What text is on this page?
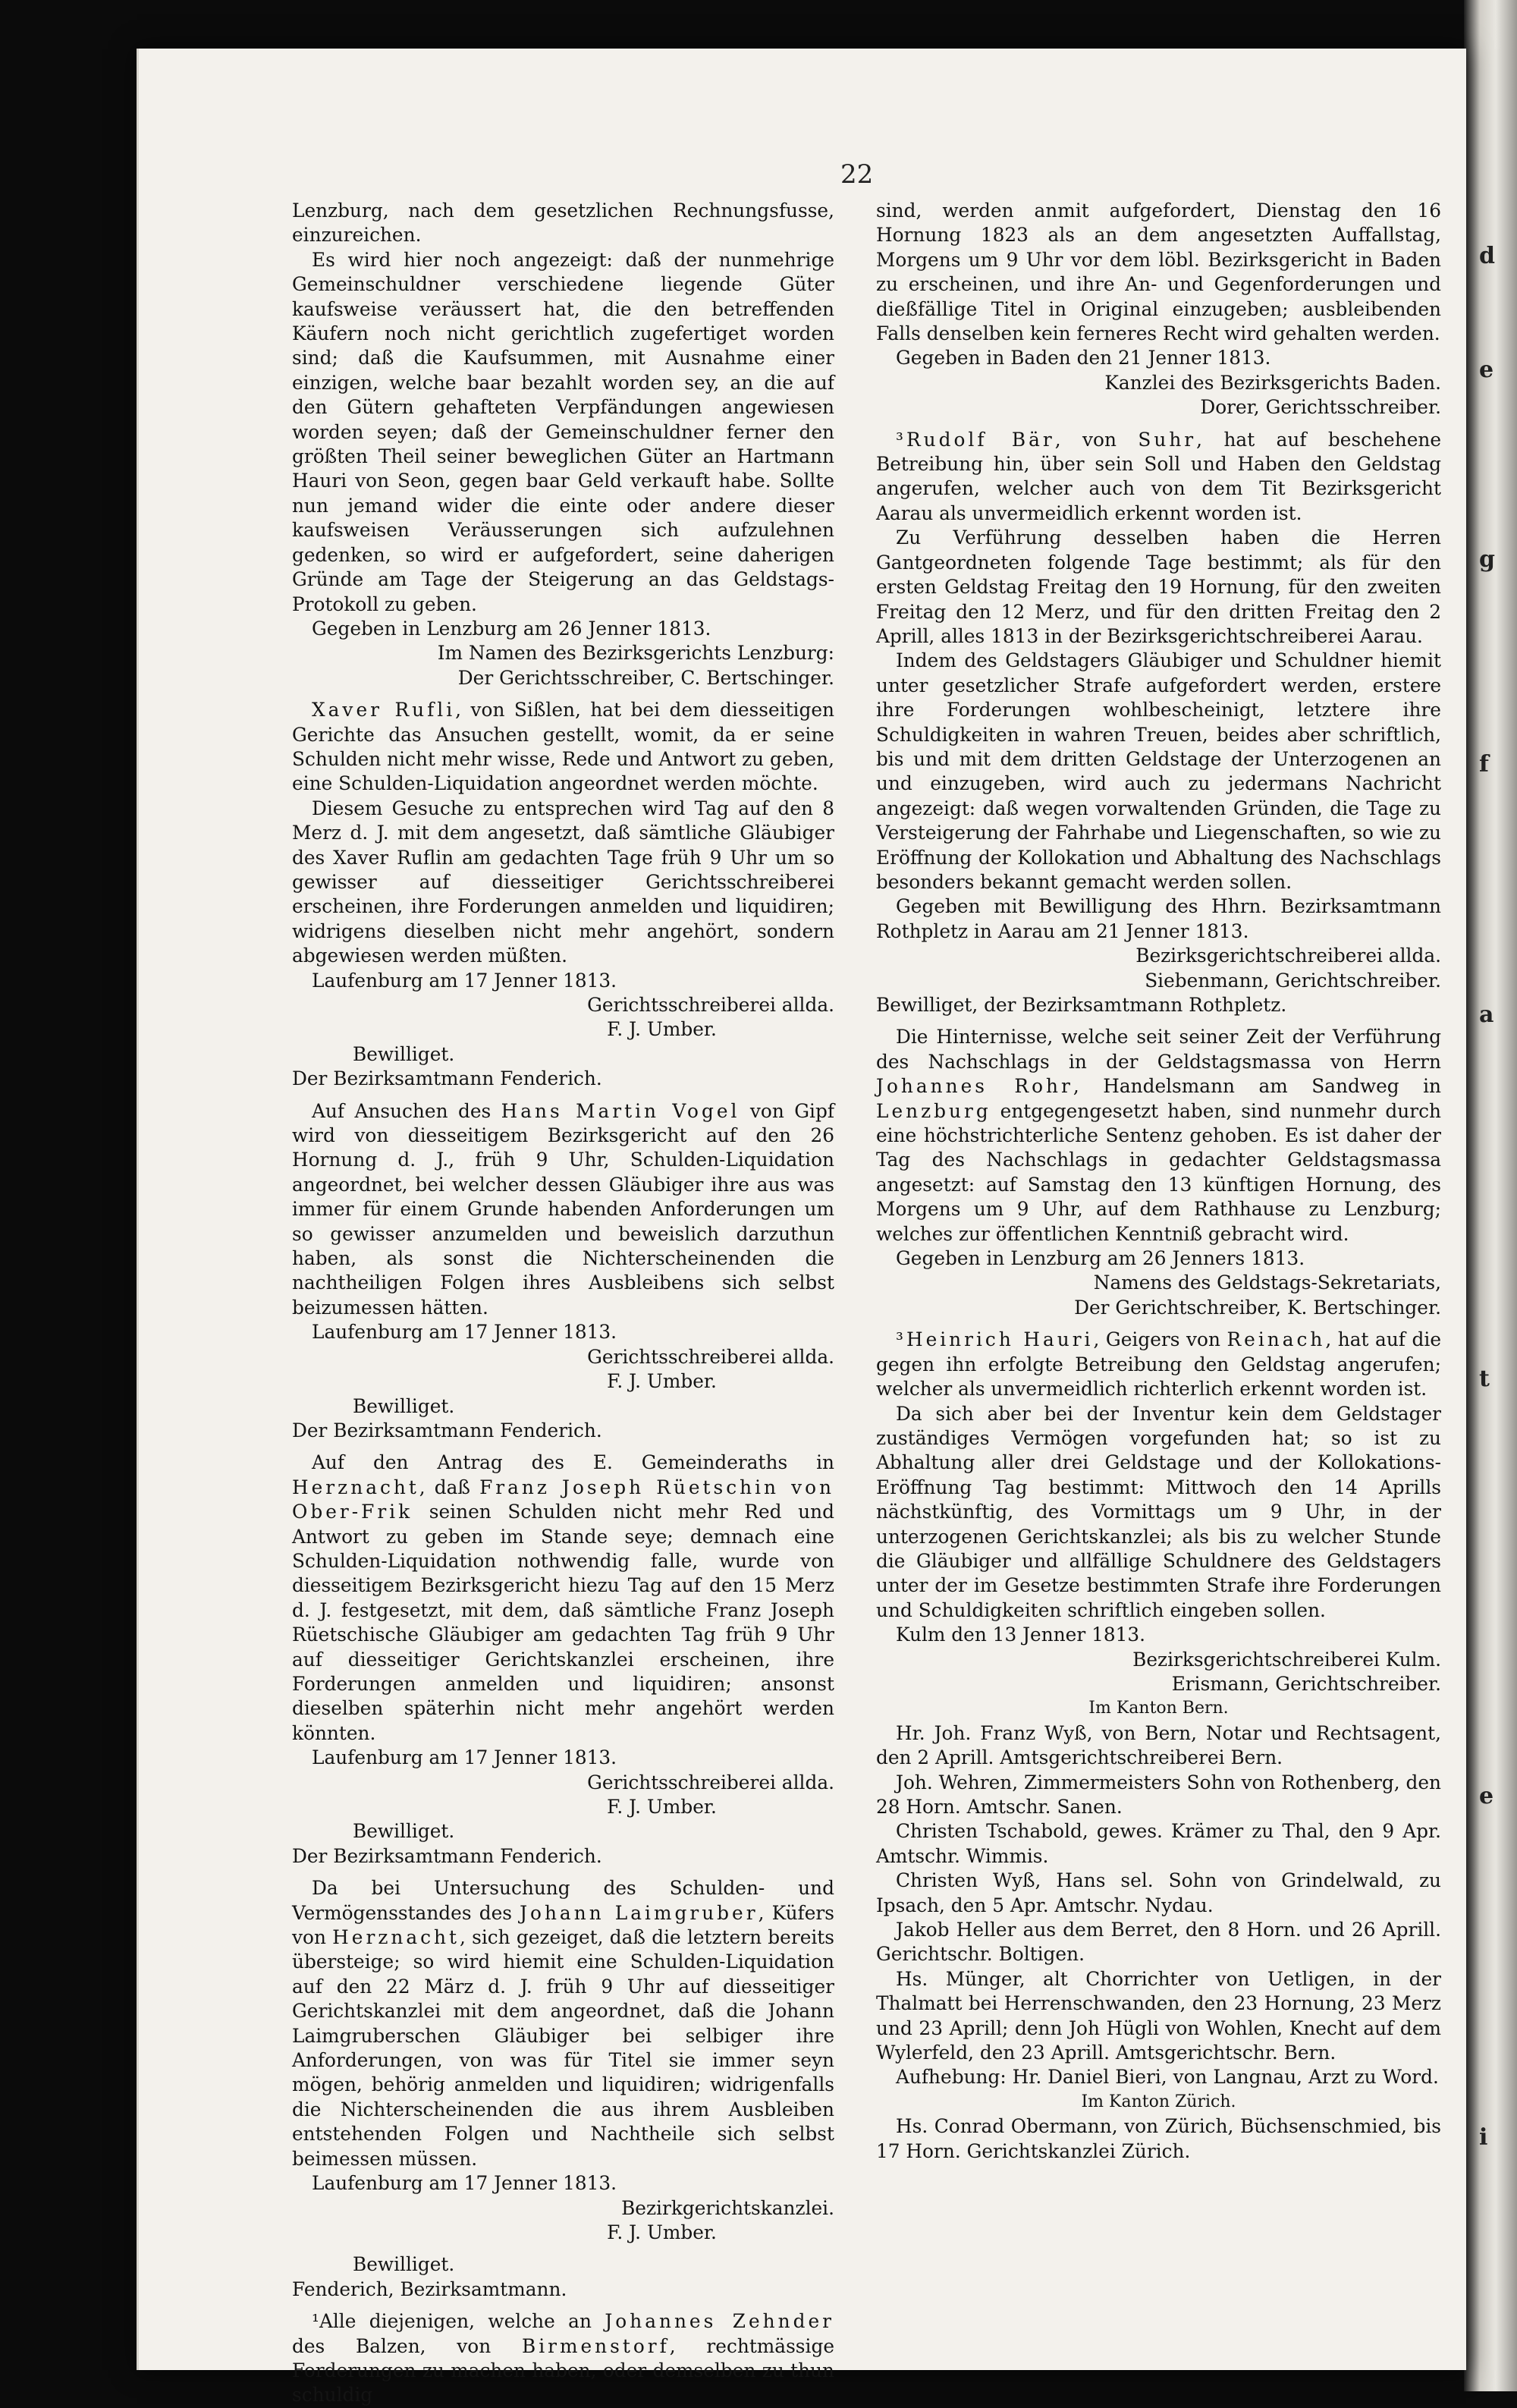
d
e
g
f
a
t
e
i
22

Lenzburg, nach dem gesetzlichen Rechnungsfusse, einzureichen.

Es wird hier noch angezeigt: daß der nunmehrige Gemeinschuldner verschiedene liegende Güter kaufsweise veräussert hat, die den betreffenden Käufern noch nicht gerichtlich zugefertiget worden sind; daß die Kaufsummen, mit Ausnahme einer einzigen, welche baar bezahlt worden sey, an die auf den Gütern gehafteten Verpfändungen angewiesen worden seyen; daß der Gemeinschuldner ferner den größten Theil seiner beweglichen Güter an Hartmann Hauri von Seon, gegen baar Geld verkauft habe. Sollte nun jemand wider die einte oder andere dieser kaufsweisen Veräusserungen sich aufzulehnen gedenken, so wird er aufgefordert, seine daherigen Gründe am Tage der Steigerung an das Geldstags-Protokoll zu geben.

Gegeben in Lenzburg am 26 Jenner 1813.

Im Namen des Bezirksgerichts Lenzburg:

Der Gerichtsschreiber, C. Bertschinger.

Xaver Rufli, von Sißlen, hat bei dem diesseitigen Gerichte das Ansuchen gestellt, womit, da er seine Schulden nicht mehr wisse, Rede und Antwort zu geben, eine Schulden-Liquidation angeordnet werden möchte.

Diesem Gesuche zu entsprechen wird Tag auf den 8 Merz d. J. mit dem angesetzt, daß sämtliche Gläubiger des Xaver Ruflin am gedachten Tage früh 9 Uhr um so gewisser auf diesseitiger Gerichtsschreiberei erscheinen, ihre Forderungen anmelden und liquidiren; widrigens dieselben nicht mehr angehört, sondern abgewiesen werden müßten.

Laufenburg am 17 Jenner 1813.

Gerichtsschreiberei allda.

F. J. Umber.

Bewilliget.

Der Bezirksamtmann Fenderich.

Auf Ansuchen des Hans Martin Vogel von Gipf wird von diesseitigem Bezirksgericht auf den 26 Hornung d. J., früh 9 Uhr, Schulden-Liquidation angeordnet, bei welcher dessen Gläubiger ihre aus was immer für einem Grunde habenden Anforderungen um so gewisser anzumelden und beweislich darzuthun haben, als sonst die Nichterscheinenden die nachtheiligen Folgen ihres Ausbleibens sich selbst beizumessen hätten.

Laufenburg am 17 Jenner 1813.

Gerichtsschreiberei allda.

F. J. Umber.

Bewilliget.

Der Bezirksamtmann Fenderich.

Auf den Antrag des E. Gemeinderaths in Herznacht, daß Franz Joseph Rüetschin von Ober-Frik seinen Schulden nicht mehr Red und Antwort zu geben im Stande seye; demnach eine Schulden-Liquidation nothwendig falle, wurde von diesseitigem Bezirksgericht hiezu Tag auf den 15 Merz d. J. festgesetzt, mit dem, daß sämtliche Franz Joseph Rüetschische Gläubiger am gedachten Tag früh 9 Uhr auf diesseitiger Gerichtskanzlei erscheinen, ihre Forderungen anmelden und liquidiren; ansonst dieselben späterhin nicht mehr angehört werden könnten.

Laufenburg am 17 Jenner 1813.

Gerichtsschreiberei allda.

F. J. Umber.

Bewilliget.

Der Bezirksamtmann Fenderich.

Da bei Untersuchung des Schulden- und Vermögensstandes des Johann Laimgruber, Küfers von Herznacht, sich gezeiget, daß die letztern bereits übersteige; so wird hiemit eine Schulden-Liquidation auf den 22 März d. J. früh 9 Uhr auf diesseitiger Gerichtskanzlei mit dem angeordnet, daß die Johann Laimgruberschen Gläubiger bei selbiger ihre Anforderungen, von was für Titel sie immer seyn mögen, behörig anmelden und liquidiren; widrigenfalls die Nichterscheinenden die aus ihrem Ausbleiben entstehenden Folgen und Nachtheile sich selbst beimessen müssen.

Laufenburg am 17 Jenner 1813.

Bezirkgerichtskanzlei.

F. J. Umber.

Bewilliget.

Fenderich, Bezirksamtmann.

¹Alle diejenigen, welche an Johannes Zehnder des Balzen, von Birmenstorf, rechtmässige Forderungen zu machen haben, oder demselben zu thun schuldig

sind, werden anmit aufgefordert, Dienstag den 16 Hornung 1823 als an dem angesetzten Auffallstag, Morgens um 9 Uhr vor dem löbl. Bezirksgericht in Baden zu erscheinen, und ihre An- und Gegenforderungen und dießfällige Titel in Original einzugeben; ausbleibenden Falls denselben kein ferneres Recht wird gehalten werden.

Gegeben in Baden den 21 Jenner 1813.

Kanzlei des Bezirksgerichts Baden.

Dorer, Gerichtsschreiber.

³Rudolf Bär, von Suhr, hat auf beschehene Betreibung hin, über sein Soll und Haben den Geldstag angerufen, welcher auch von dem Tit Bezirksgericht Aarau als unvermeidlich erkennt worden ist.

Zu Verführung desselben haben die Herren Gantgeordneten folgende Tage bestimmt; als für den ersten Geldstag Freitag den 19 Hornung, für den zweiten Freitag den 12 Merz, und für den dritten Freitag den 2 Aprill, alles 1813 in der Bezirksgerichtschreiberei Aarau.

Indem des Geldstagers Gläubiger und Schuldner hiemit unter gesetzlicher Strafe aufgefordert werden, erstere ihre Forderungen wohlbescheinigt, letztere ihre Schuldigkeiten in wahren Treuen, beides aber schriftlich, bis und mit dem dritten Geldstage der Unterzogenen an und einzugeben, wird auch zu jedermans Nachricht angezeigt: daß wegen vorwaltenden Gründen, die Tage zu Versteigerung der Fahrhabe und Liegenschaften, so wie zu Eröffnung der Kollokation und Abhaltung des Nachschlags besonders bekannt gemacht werden sollen.

Gegeben mit Bewilligung des Hhrn. Bezirksamtmann Rothpletz in Aarau am 21 Jenner 1813.

Bezirksgerichtschreiberei allda.

Siebenmann, Gerichtschreiber.

Bewilliget, der Bezirksamtmann Rothpletz.

Die Hinternisse, welche seit seiner Zeit der Verführung des Nachschlags in der Geldstagsmassa von Herrn Johannes Rohr, Handelsmann am Sandweg in Lenzburg entgegengesetzt haben, sind nunmehr durch eine höchstrichterliche Sentenz gehoben. Es ist daher der Tag des Nachschlags in gedachter Geldstagsmassa angesetzt: auf Samstag den 13 künftigen Hornung, des Morgens um 9 Uhr, auf dem Rathhause zu Lenzburg; welches zur öffentlichen Kenntniß gebracht wird.

Gegeben in Lenzburg am 26 Jenners 1813.

Namens des Geldstags-Sekretariats,

Der Gerichtschreiber, K. Bertschinger.

³Heinrich Hauri, Geigers von Reinach, hat auf die gegen ihn erfolgte Betreibung den Geldstag angerufen; welcher als unvermeidlich richterlich erkennt worden ist.

Da sich aber bei der Inventur kein dem Geldstager zuständiges Vermögen vorgefunden hat; so ist zu Abhaltung aller drei Geldstage und der Kollokations-Eröffnung Tag bestimmt: Mittwoch den 14 Aprills nächstkünftig, des Vormittags um 9 Uhr, in der unterzogenen Gerichtskanzlei; als bis zu welcher Stunde die Gläubiger und allfällige Schuldnere des Geldstagers unter der im Gesetze bestimmten Strafe ihre Forderungen und Schuldigkeiten schriftlich eingeben sollen.

Kulm den 13 Jenner 1813.

Bezirksgerichtschreiberei Kulm.

Erismann, Gerichtschreiber.

Im Kanton Bern.

Hr. Joh. Franz Wyß, von Bern, Notar und Rechtsagent, den 2 Aprill. Amtsgerichtschreiberei Bern.

Joh. Wehren, Zimmermeisters Sohn von Rothenberg, den 28 Horn. Amtschr. Sanen.

Christen Tschabold, gewes. Krämer zu Thal, den 9 Apr. Amtschr. Wimmis.

Christen Wyß, Hans sel. Sohn von Grindelwald, zu Ipsach, den 5 Apr. Amtschr. Nydau.

Jakob Heller aus dem Berret, den 8 Horn. und 26 Aprill. Gerichtschr. Boltigen.

Hs. Münger, alt Chorrichter von Uetligen, in der Thalmatt bei Herrenschwanden, den 23 Hornung, 23 Merz und 23 Aprill; denn Joh Hügli von Wohlen, Knecht auf dem Wylerfeld, den 23 Aprill. Amtsgerichtschr. Bern.

Aufhebung: Hr. Daniel Bieri, von Langnau, Arzt zu Word.

Im Kanton Zürich.

Hs. Conrad Obermann, von Zürich, Büchsenschmied, bis 17 Horn. Gerichtskanzlei Zürich.
